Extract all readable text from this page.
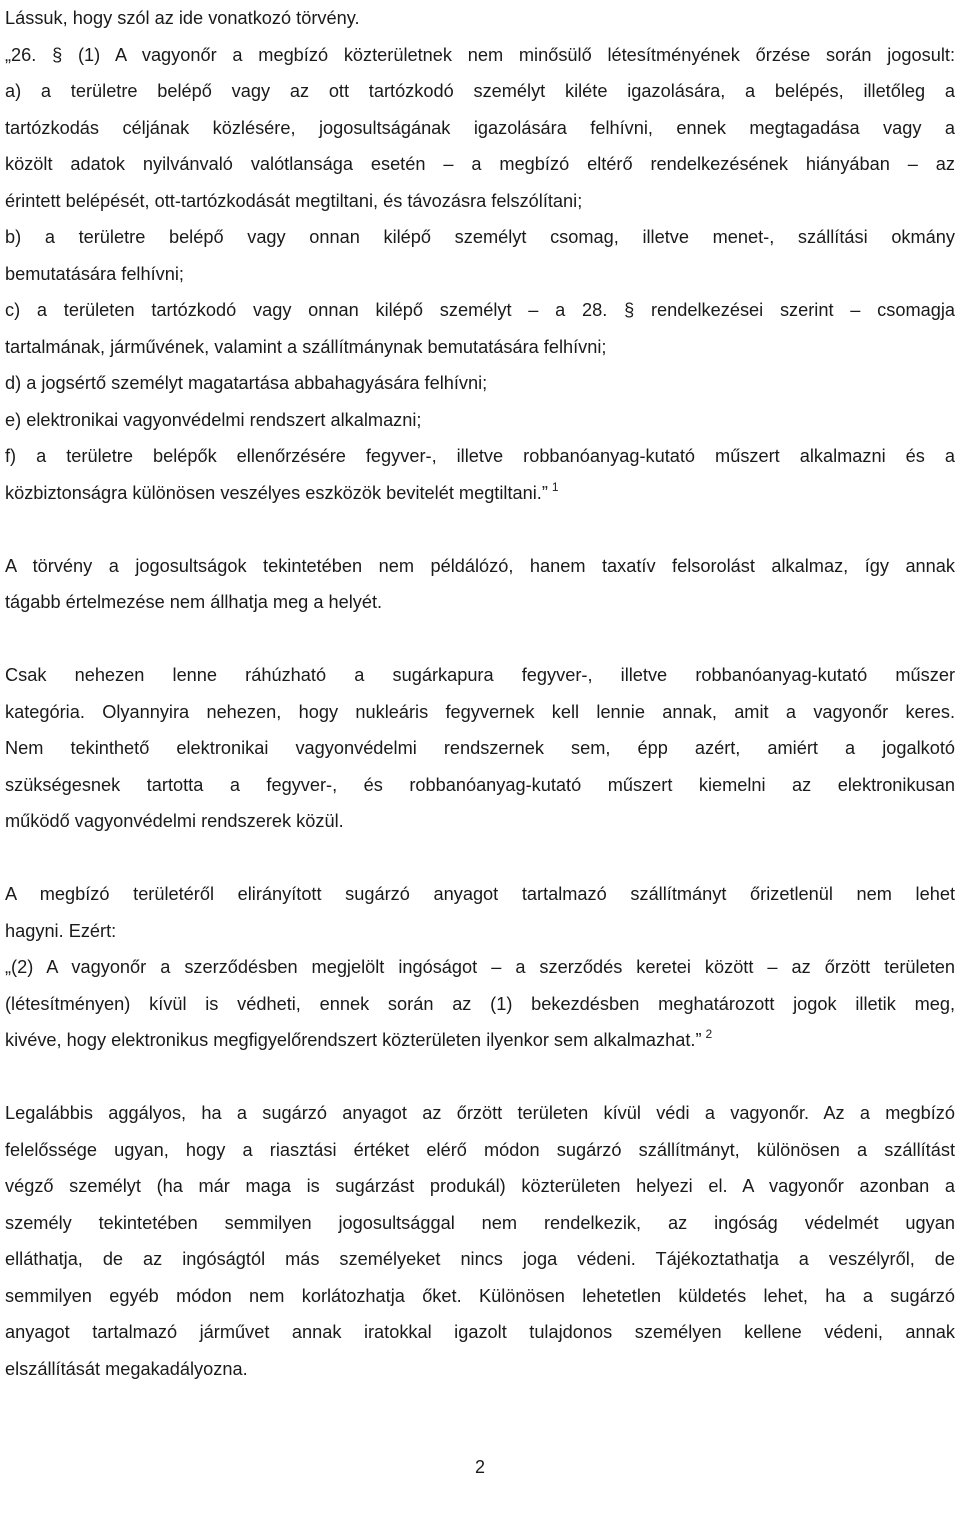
Lássuk, hogy szól az ide vonatkozó törvény.
„26. § (1) A vagyonőr a megbízó közterületnek nem minősülő létesítményének őrzése során jogosult:
a) a területre belépő vagy az ott tartózkodó személyt kiléte igazolására, a belépés, illetőleg a
tartózkodás céljának közlésére, jogosultságának igazolására felhívni, ennek megtagadása vagy a
közölt adatok nyilvánvaló valótlansága esetén – a megbízó eltérő rendelkezésének hiányában – az
érintett belépését, ott-tartózkodását megtiltani, és távozásra felszólítani;
b) a területre belépő vagy onnan kilépő személyt csomag, illetve menet-, szállítási okmány
bemutatására felhívni;
c) a területen tartózkodó vagy onnan kilépő személyt – a 28. § rendelkezései szerint – csomagja
tartalmának, járművének, valamint a szállítmánynak bemutatására felhívni;
d) a jogsértő személyt magatartása abbahagyására felhívni;
e) elektronikai vagyonvédelmi rendszert alkalmazni;
f) a területre belépők ellenőrzésére fegyver-, illetve robbanóanyag-kutató műszert alkalmazni és a
közbiztonságra különösen veszélyes eszközök bevitelét megtiltani.” $^1$
A törvény a jogosultságok tekintetében nem példálózó, hanem taxatív felsorolást alkalmaz, így annak
tágabb értelmezése nem állhatja meg a helyét.
Csak nehezen lenne ráhúzható a sugárkapura fegyver-, illetve robbanóanyag-kutató műszer
kategória. Olyannyira nehezen, hogy nukleáris fegyvernek kell lennie annak, amit a vagyonőr keres.
Nem tekinthető elektronikai vagyonvédelmi rendszernek sem, épp azért, amiért a jogalkotó
szükségesnek tartotta a fegyver-, és robbanóanyag-kutató műszert kiemelni az elektronikusan
működő vagyonvédelmi rendszerek közül.
A megbízó területéről elirányított sugárzó anyagot tartalmazó szállítmányt őrizetlenül nem lehet
hagyni. Ezért:
„(2) A vagyonőr a szerződésben megjelölt ingóságot – a szerződés keretei között – az őrzött területen
(létesítményen) kívül is védheti, ennek során az (1) bekezdésben meghatározott jogok illetik meg,
kivéve, hogy elektronikus megfigyelőrendszert közterületen ilyenkor sem alkalmazhat.” $^2$
Legalábbis aggályos, ha a sugárzó anyagot az őrzött területen kívül védi a vagyonőr. Az a megbízó
felelőssége ugyan, hogy a riasztási értéket elérő módon sugárzó szállítmányt, különösen a szállítást
végző személyt (ha már maga is sugárzást produkál) közterületen helyezi el. A vagyonőr azonban a
személy tekintetében semmilyen jogosultsággal nem rendelkezik, az ingóság védelmét ugyan
elláthatja, de az ingóságtól más személyeket nincs joga védeni. Tájékoztathatja a veszélyről, de
semmilyen egyéb módon nem korlátozhatja őket. Különösen lehetetlen küldetés lehet, ha a sugárzó
anyagot tartalmazó járművet annak iratokkal igazolt tulajdonos személyen kellene védeni, annak
elszállítását megakadályozna.
2
